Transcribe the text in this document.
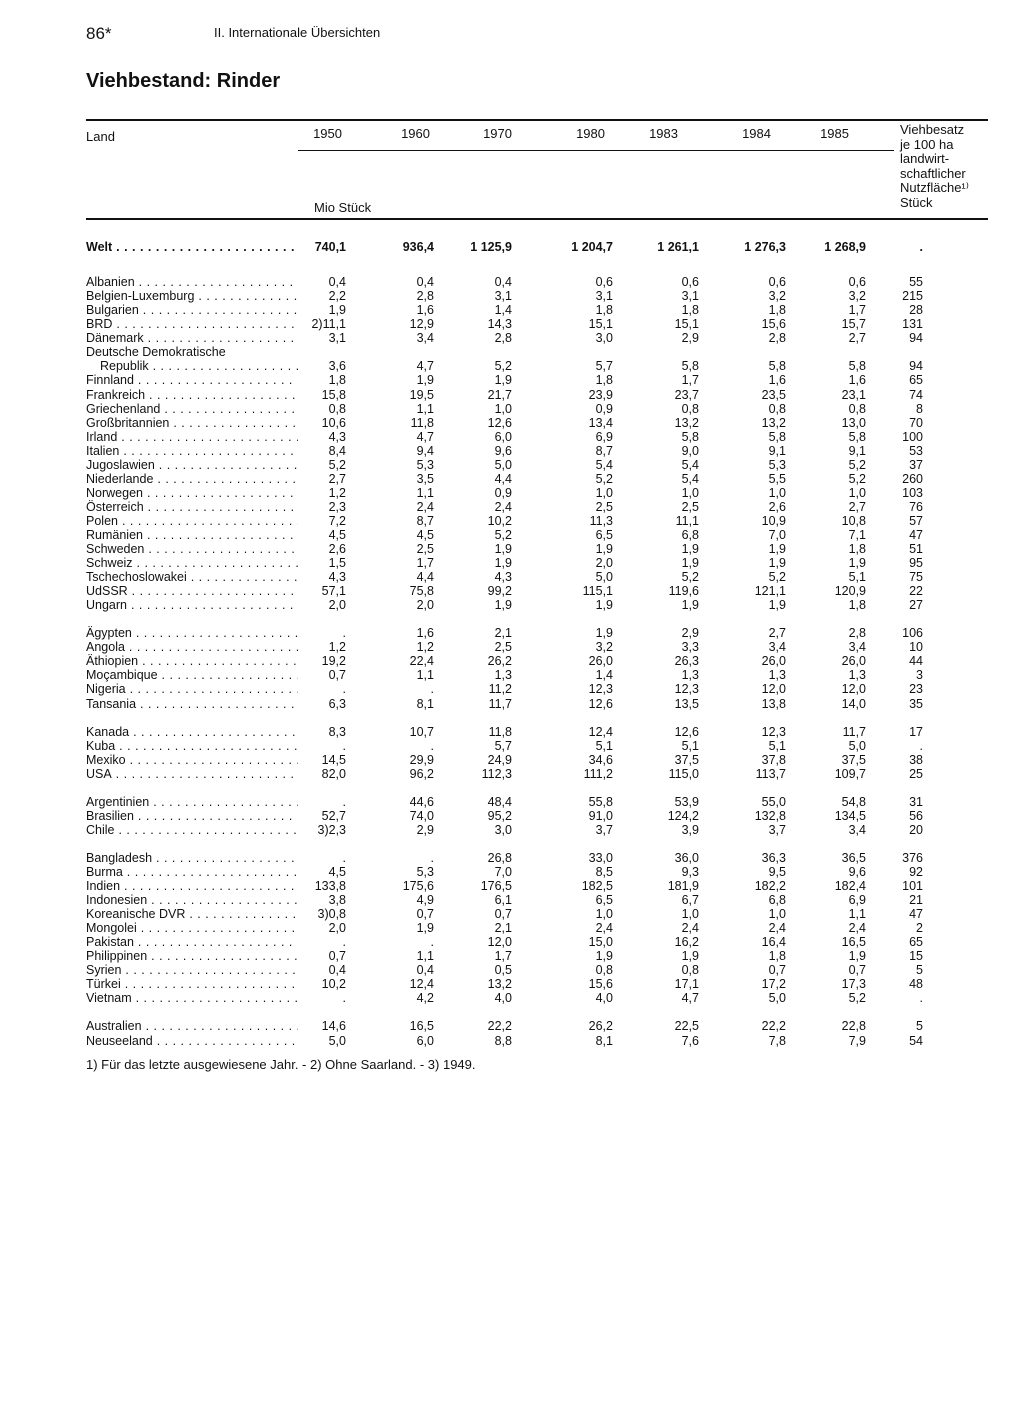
86*	II. Internationale Übersichten
Viehbestand: Rinder
Land	1950	1960	1970	1980	1983	1984	1985
Mio Stück
Viehbesatz
je 100 ha
landwirt-
schaftlicher
Nutzfläche¹⁾
Stück
Welt . . .	740,1	936,4	1 125,9	1 204,7	1 261,1	1 276,3	1 268,9	.
Albanien . . .	0,4	0,4	0,4	0,6	0,6	0,6	0,6	55
Belgien-Luxemburg . . .	2,2	2,8	3,1	3,1	3,1	3,2	3,2	215
Bulgarien . . .	1,9	1,6	1,4	1,8	1,8	1,8	1,7	28
BRD . . .	2)11,1	12,9	14,3	15,1	15,1	15,6	15,7	131
Dänemark . . .	3,1	3,4	2,8	3,0	2,9	2,8	2,7	94
Deutsche Demokratische
Republik . . .	3,6	4,7	5,2	5,7	5,8	5,8	5,8	94
Finnland . . .	1,8	1,9	1,9	1,8	1,7	1,6	1,6	65
Frankreich . . .	15,8	19,5	21,7	23,9	23,7	23,5	23,1	74
Griechenland . . .	0,8	1,1	1,0	0,9	0,8	0,8	0,8	8
Großbritannien . . .	10,6	11,8	12,6	13,4	13,2	13,2	13,0	70
Irland . . .	4,3	4,7	6,0	6,9	5,8	5,8	5,8	100
Italien . . .	8,4	9,4	9,6	8,7	9,0	9,1	9,1	53
Jugoslawien . . .	5,2	5,3	5,0	5,4	5,4	5,3	5,2	37
Niederlande . . .	2,7	3,5	4,4	5,2	5,4	5,5	5,2	260
Norwegen . . .	1,2	1,1	0,9	1,0	1,0	1,0	1,0	103
Österreich . . .	2,3	2,4	2,4	2,5	2,5	2,6	2,7	76
Polen . . .	7,2	8,7	10,2	11,3	11,1	10,9	10,8	57
Rumänien . . .	4,5	4,5	5,2	6,5	6,8	7,0	7,1	47
Schweden . . .	2,6	2,5	1,9	1,9	1,9	1,9	1,8	51
Schweiz . . .	1,5	1,7	1,9	2,0	1,9	1,9	1,9	95
Tschechoslowakei . . .	4,3	4,4	4,3	5,0	5,2	5,2	5,1	75
UdSSR . . .	57,1	75,8	99,2	115,1	119,6	121,1	120,9	22
Ungarn . . .	2,0	2,0	1,9	1,9	1,9	1,9	1,8	27
Ägypten . . .	.	1,6	2,1	1,9	2,9	2,7	2,8	106
Angola . . .	1,2	1,2	2,5	3,2	3,3	3,4	3,4	10
Äthiopien . . .	19,2	22,4	26,2	26,0	26,3	26,0	26,0	44
Moçambique . . .	0,7	1,1	1,3	1,4	1,3	1,3	1,3	3
Nigeria . . .	.	.	11,2	12,3	12,3	12,0	12,0	23
Tansania . . .	6,3	8,1	11,7	12,6	13,5	13,8	14,0	35
Kanada . . .	8,3	10,7	11,8	12,4	12,6	12,3	11,7	17
Kuba . . .	.	.	5,7	5,1	5,1	5,1	5,0	.
Mexiko . . .	14,5	29,9	24,9	34,6	37,5	37,8	37,5	38
USA . . .	82,0	96,2	112,3	111,2	115,0	113,7	109,7	25
Argentinien . . .	.	44,6	48,4	55,8	53,9	55,0	54,8	31
Brasilien . . .	52,7	74,0	95,2	91,0	124,2	132,8	134,5	56
Chile . . .	3)2,3	2,9	3,0	3,7	3,9	3,7	3,4	20
Bangladesh . . .	.	.	26,8	33,0	36,0	36,3	36,5	376
Burma . . .	4,5	5,3	7,0	8,5	9,3	9,5	9,6	92
Indien . . .	133,8	175,6	176,5	182,5	181,9	182,2	182,4	101
Indonesien . . .	3,8	4,9	6,1	6,5	6,7	6,8	6,9	21
Koreanische DVR . . .	3)0,8	0,7	0,7	1,0	1,0	1,0	1,1	47
Mongolei . . .	2,0	1,9	2,1	2,4	2,4	2,4	2,4	2
Pakistan . . .	.	.	12,0	15,0	16,2	16,4	16,5	65
Philippinen . . .	0,7	1,1	1,7	1,9	1,9	1,8	1,9	15
Syrien . . .	0,4	0,4	0,5	0,8	0,8	0,7	0,7	5
Türkei . . .	10,2	12,4	13,2	15,6	17,1	17,2	17,3	48
Vietnam . . .	.	4,2	4,0	4,0	4,7	5,0	5,2	.
Australien . . .	14,6	16,5	22,2	26,2	22,5	22,2	22,8	5
Neuseeland . . .	5,0	6,0	8,8	8,1	7,6	7,8	7,9	54
1) Für das letzte ausgewiesene Jahr. - 2) Ohne Saarland. - 3) 1949.
